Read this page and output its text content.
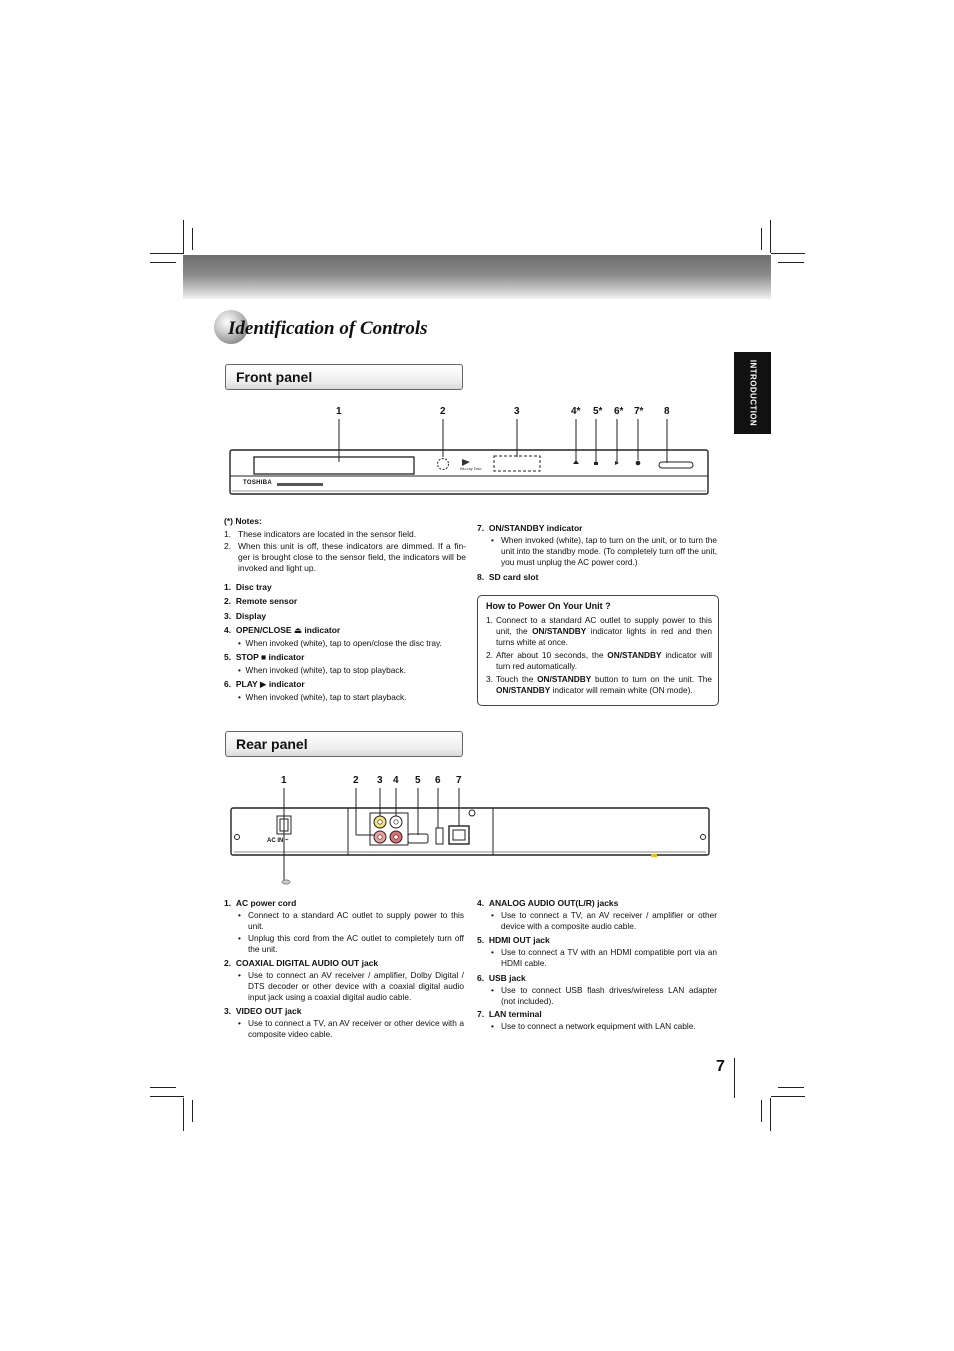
Identification of Controls
INTRODUCTION
Front panel
1	2	3	4* 5* 6* 7* 8
Blu-ray Disc
TOSHIBA
(*) Notes:
1. These indicators are located in the sensor field.
2. When this unit is off, these indicators are dimmed. If a fin-ger is brought close to the sensor field, the indicators will be invoked and light up.
1. Disc tray
2. Remote sensor
3. Display
4. OPEN/CLOSE ⏏ indicator
•  When invoked (white), tap to open/close the disc tray.
5. STOP ■ indicator
•  When invoked (white), tap to stop playback.
6. PLAY ▶ indicator
•  When invoked (white), tap to start playback.
7. ON/STANDBY indicator
• When invoked (white), tap to turn on the unit, or to turn the unit into the standby mode. (To completely turn off the unit, you must unplug the AC power cord.)
8. SD card slot
How to Power On Your Unit ?
1. Connect to a standard AC outlet to supply power to this unit, the ON/STANDBY indicator lights in red and then turns white at once.
2. After about 10 seconds, the ON/STANDBY indicator will turn red automatically.
3. Touch the ON/STANDBY button to turn on the unit. The ON/STANDBY indicator will remain white (ON mode).
Rear panel
1	2 3 4 5 6 7
AC IN ~
1. AC power cord
• Connect to a standard AC outlet to supply power to this unit.
• Unplug this cord from the AC outlet to completely turn off the unit.
2. COAXIAL DIGITAL AUDIO OUT jack
• Use to connect an AV receiver / amplifier, Dolby Digital / DTS decoder or other device with a coaxial digital audio input jack using a coaxial digital audio cable.
3. VIDEO OUT jack
• Use to connect a TV, an AV receiver or other device with a composite video cable.
4. ANALOG AUDIO OUT(L/R) jacks
• Use to connect a TV, an AV receiver / amplifier or other device with a composite audio cable.
5. HDMI OUT jack
• Use to connect a TV with an HDMI compatible port via an HDMI cable.
6. USB jack
• Use to connect USB flash drives/wireless LAN adapter (not included).
7. LAN terminal
• Use to connect a network equipment with LAN cable.
7
